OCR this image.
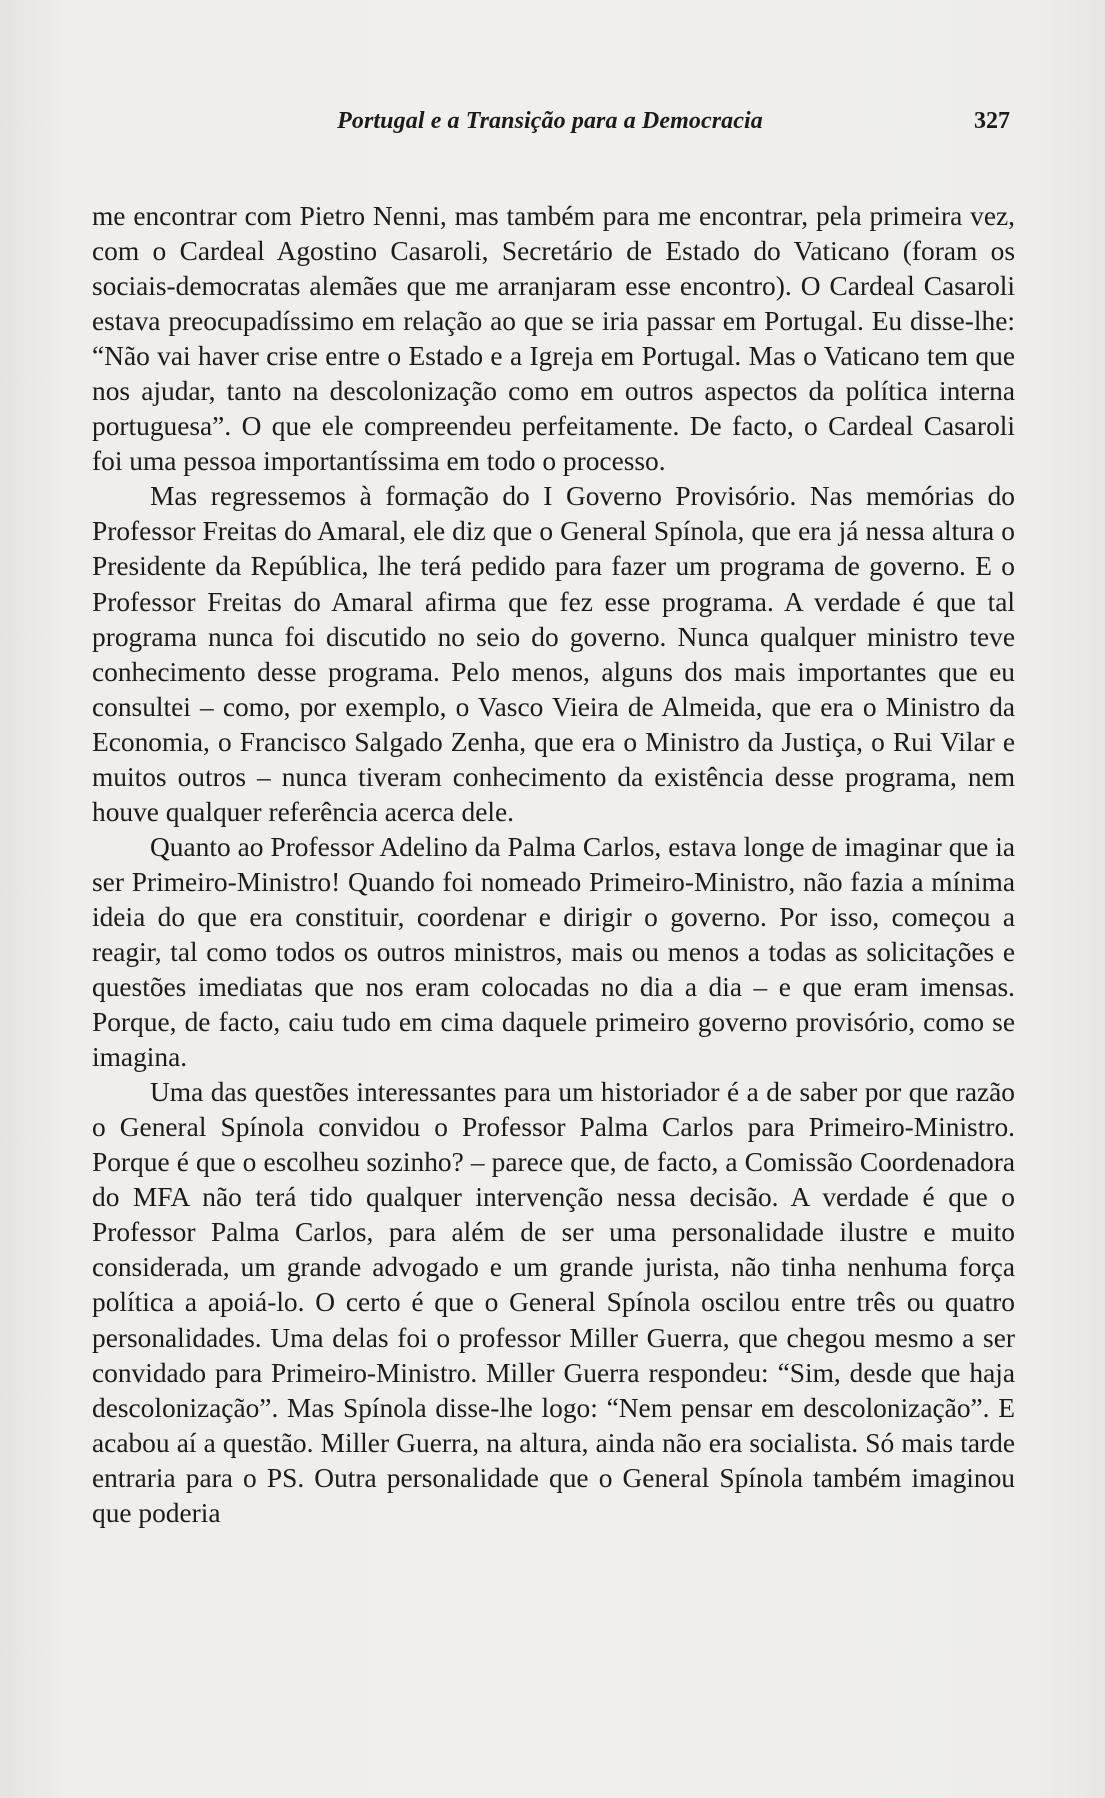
Portugal e a Transição para a Democracia	327

me encontrar com Pietro Nenni, mas também para me encontrar, pela primeira vez, com o Cardeal Agostino Casaroli, Secretário de Estado do Vaticano (foram os sociais-democratas alemães que me arranjaram esse encontro). O Cardeal Casaroli estava preocupadíssimo em relação ao que se iria passar em Portugal. Eu disse-lhe: “Não vai haver crise entre o Estado e a Igreja em Portugal. Mas o Vaticano tem que nos ajudar, tanto na descolonização como em outros aspectos da política interna portuguesa”. O que ele compreendeu perfeitamente. De facto, o Cardeal Casaroli foi uma pessoa importantíssima em todo o processo.

Mas regressemos à formação do I Governo Provisório. Nas memórias do Professor Freitas do Amaral, ele diz que o General Spínola, que era já nessa altura o Presidente da República, lhe terá pedido para fazer um programa de governo. E o Professor Freitas do Amaral afirma que fez esse programa. A verdade é que tal programa nunca foi discutido no seio do governo. Nunca qualquer ministro teve conhecimento desse programa. Pelo menos, alguns dos mais importantes que eu consultei – como, por exemplo, o Vasco Vieira de Almeida, que era o Ministro da Economia, o Francisco Salgado Zenha, que era o Ministro da Justiça, o Rui Vilar e muitos outros – nunca tiveram conhecimento da existência desse programa, nem houve qualquer referência acerca dele.

Quanto ao Professor Adelino da Palma Carlos, estava longe de imaginar que ia ser Primeiro-Ministro! Quando foi nomeado Primeiro-Ministro, não fazia a mínima ideia do que era constituir, coordenar e dirigir o governo. Por isso, começou a reagir, tal como todos os outros ministros, mais ou menos a todas as solicitações e questões imediatas que nos eram colocadas no dia a dia – e que eram imensas. Porque, de facto, caiu tudo em cima daquele primeiro governo provisório, como se imagina.

Uma das questões interessantes para um historiador é a de saber por que razão o General Spínola convidou o Professor Palma Carlos para Primeiro-Ministro. Porque é que o escolheu sozinho? – parece que, de facto, a Comissão Coordenadora do MFA não terá tido qualquer intervenção nessa decisão. A verdade é que o Professor Palma Carlos, para além de ser uma personalidade ilustre e muito considerada, um grande advogado e um grande jurista, não tinha nenhuma força política a apoiá-lo. O certo é que o General Spínola oscilou entre três ou quatro personalidades. Uma delas foi o professor Miller Guerra, que chegou mesmo a ser convidado para Primeiro-Ministro. Miller Guerra respondeu: “Sim, desde que haja descolonização”. Mas Spínola disse-lhe logo: “Nem pensar em descolonização”. E acabou aí a questão. Miller Guerra, na altura, ainda não era socialista. Só mais tarde entraria para o PS. Outra personalidade que o General Spínola também imaginou que poderia
